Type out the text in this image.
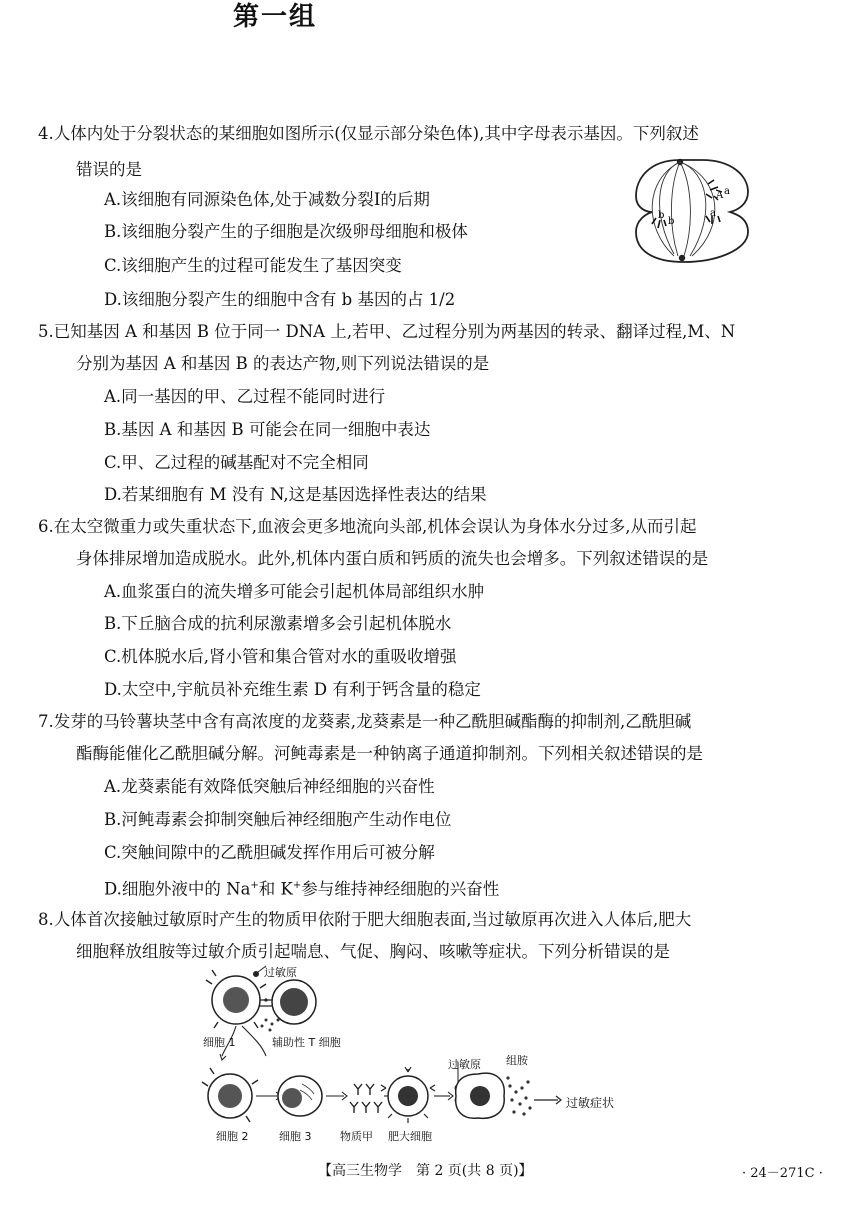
第一组
4.人体内处于分裂状态的某细胞如图所示(仅显示部分染色体),其中字母表示基因。下列叙述
错误的是
A.该细胞有同源染色体,处于减数分裂Ⅰ的后期
B.该细胞分裂产生的子细胞是次级卵母细胞和极体
C.该细胞产生的过程可能发生了基因突变
D.该细胞分裂产生的细胞中含有 b 基因的占 1/2
A a
a
b
b
5.已知基因 A 和基因 B 位于同一 DNA 上,若甲、乙过程分别为两基因的转录、翻译过程,M、N
分别为基因 A 和基因 B 的表达产物,则下列说法错误的是
A.同一基因的甲、乙过程不能同时进行
B.基因 A 和基因 B 可能会在同一细胞中表达
C.甲、乙过程的碱基配对不完全相同
D.若某细胞有 M 没有 N,这是基因选择性表达的结果
6.在太空微重力或失重状态下,血液会更多地流向头部,机体会误认为身体水分过多,从而引起
身体排尿增加造成脱水。此外,机体内蛋白质和钙质的流失也会增多。下列叙述错误的是
A.血浆蛋白的流失增多可能会引起机体局部组织水肿
B.下丘脑合成的抗利尿激素增多会引起机体脱水
C.机体脱水后,肾小管和集合管对水的重吸收增强
D.太空中,宇航员补充维生素 D 有利于钙含量的稳定
7.发芽的马铃薯块茎中含有高浓度的龙葵素,龙葵素是一种乙酰胆碱酯酶的抑制剂,乙酰胆碱
酯酶能催化乙酰胆碱分解。河鲀毒素是一种钠离子通道抑制剂。下列相关叙述错误的是
A.龙葵素能有效降低突触后神经细胞的兴奋性
B.河鲀毒素会抑制突触后神经细胞产生动作电位
C.突触间隙中的乙酰胆碱发挥作用后可被分解
D.细胞外液中的 Na+和 K+参与维持神经细胞的兴奋性
8.人体首次接触过敏原时产生的物质甲依附于肥大细胞表面,当过敏原再次进入人体后,肥大
细胞释放组胺等过敏介质引起喘息、气促、胸闷、咳嗽等症状。下列分析错误的是
过敏原
细胞 1	辅助性 T 细胞
过敏原 组胺
细胞 2	细胞 3	物质甲 肥大细胞
过敏症状
【高三生物学　第 2 页(共 8 页)】	· 24－271C ·
